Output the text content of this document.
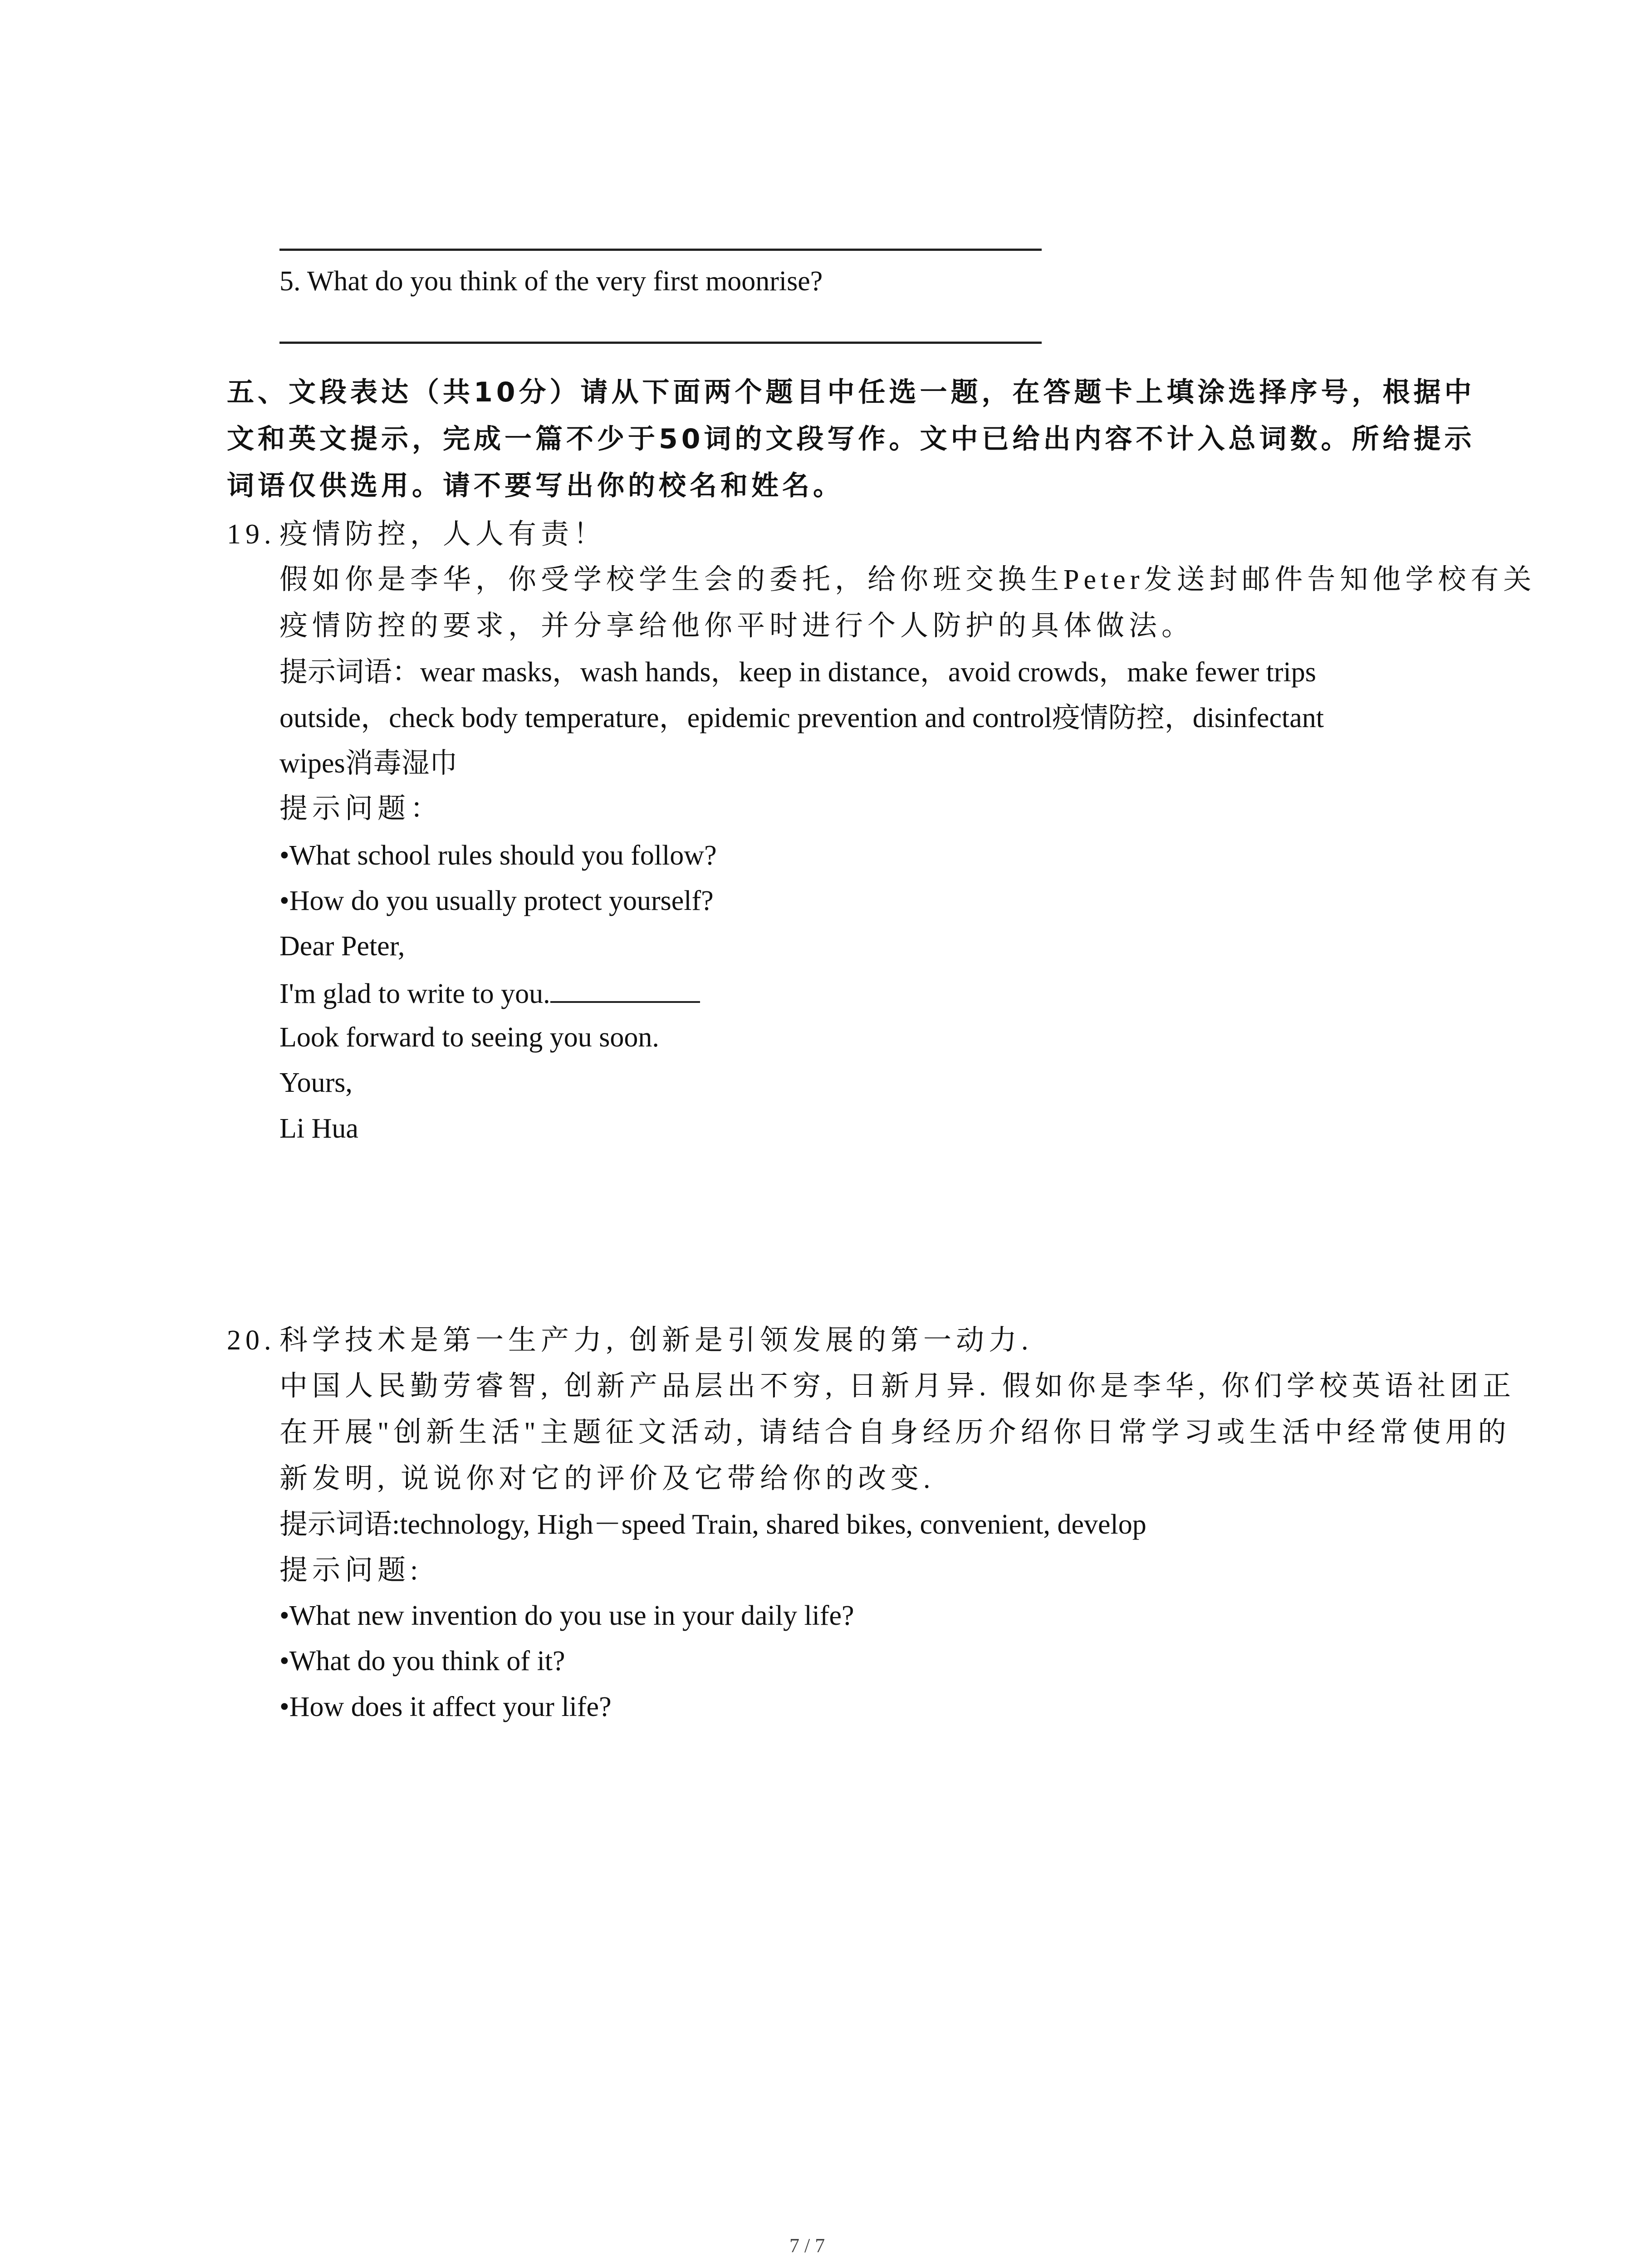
5. What do you think of the very first moonrise?
五、文段表达（共10分）请从下面两个题目中任选一题，在答题卡上填涂选择序号，根据中
文和英文提示，完成一篇不少于50词的文段写作。文中已给出内容不计入总词数。所给提示
词语仅供选用。请不要写出你的校名和姓名。
19. 疫情防控，人人有责！
假如你是李华，你受学校学生会的委托，给你班交换生Peter发送封邮件告知他学校有关
疫情防控的要求，并分享给他你平时进行个人防护的具体做法。
提示词语：wear masks，wash hands，keep in distance，avoid crowds，make fewer trips
outside，check body temperature，epidemic prevention and control疫情防控，disinfectant
wipes消毒湿巾
提示问题：
•What school rules should you follow?
•How do you usually protect yourself?
Dear Peter,
I'm glad to write to you.
Look forward to seeing you soon.
Yours,
Li Hua
20. 科学技术是第一生产力, 创新是引领发展的第一动力.
中国人民勤劳睿智, 创新产品层出不穷, 日新月异. 假如你是李华, 你们学校英语社团正
在开展"创新生活"主题征文活动, 请结合自身经历介绍你日常学习或生活中经常使用的
新发明, 说说你对它的评价及它带给你的改变.
提示词语:technology, High－speed Train, shared bikes, convenient, develop
提示问题:
•What new invention do you use in your daily life?
•What do you think of it?
•How does it affect your life?
7 / 7
